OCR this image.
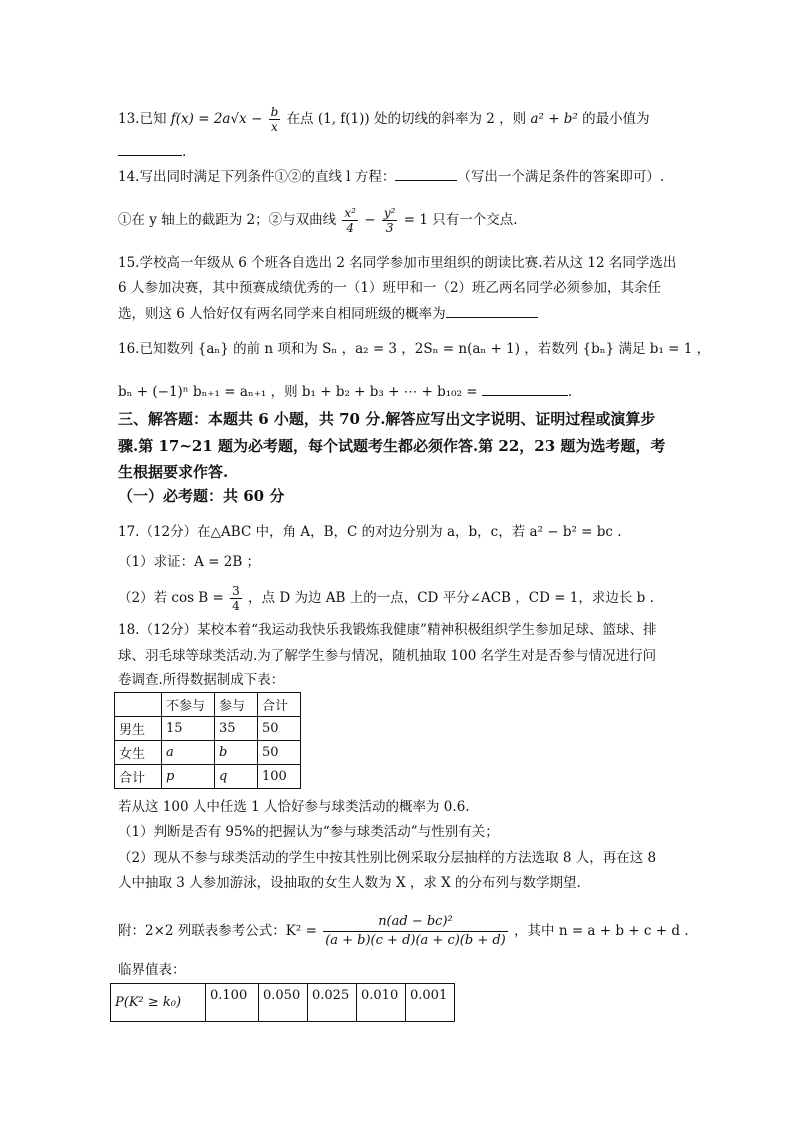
13.已知 $f(x) = 2a√x - \frac{b}{x}$ 在点 (1, f(1)) 处的切线的斜率为 2 ，则 a² + b² 的最小值为
.
14.写出同时满足下列条件①②的直线 l 方程：	（写出一个满足条件的答案即可）.
①在 y 轴上的截距为 2；②与双曲线 $\frac{\text{x²}}{4} - \frac{\text{y²}}{3} = 1$ 只有一个交点.
15.学校高一年级从 6 个班各自选出 2 名同学参加市里组织的朗读比赛.若从这 12 名同学选出
6 人参加决赛，其中预赛成绩优秀的一（1）班甲和一（2）班乙两名同学必须参加，其余任
选，则这 6 人恰好仅有两名同学来自相同班级的概率为
16.已知数列 {aₙ} 的前 n 项和为 Sₙ ，a₂ = 3 ，2Sₙ = n(aₙ + 1) ，若数列 {bₙ} 满足 b₁ = 1 ，
bₙ + (−1)ⁿ bₙ₊₁ = aₙ₊₁ ，则 b₁ + b₂ + b₃ + ⋯ + b₁₀₂ =	.
三、解答题：本题共 6 小题，共 70 分.解答应写出文字说明、证明过程或演算步
骤.第 17~21 题为必考题，每个试题考生都必须作答.第 22，23 题为选考题，考
生根据要求作答.
（一）必考题：共 60 分
17.（12分）在△ABC 中，角 A，B，C 的对边分别为 a，b，c，若 a² − b² = bc .
（1）求证：A = 2B ；
（2）若 $\cos B = \frac{3}{4}$ ，点 D 为边 AB 上的一点，CD 平分∠ACB ，CD = 1，求边长 b .
18.（12分）某校本着“我运动我快乐我锻炼我健康”精神积极组织学生参加足球、篮球、排
球、羽毛球等球类活动.为了解学生参与情况，随机抽取 100 名学生对是否参与情况进行问
卷调查.所得数据制成下表：
	不参与	参与	合计
男生	15	35	50
女生	a	b	50
合计	p	q	100
若从这 100 人中任选 1 人恰好参与球类活动的概率为 0.6.
（1）判断是否有 95%的把握认为“参与球类活动”与性别有关；
（2）现从不参与球类活动的学生中按其性别比例采取分层抽样的方法选取 8 人，再在这 8
人中抽取 3 人参加游泳，设抽取的女生人数为 X ，求 X 的分布列与数学期望.
附：2×2 列联表参考公式：$K^2 = \frac{\text{n(ad − bc)²}}{(a + b)(c + d)(a + c)(b + d)}$ ，其中 n = a + b + c + d .
临界值表：
P(K² ≥ k₀)	0.100	0.050	0.025	0.010	0.001
